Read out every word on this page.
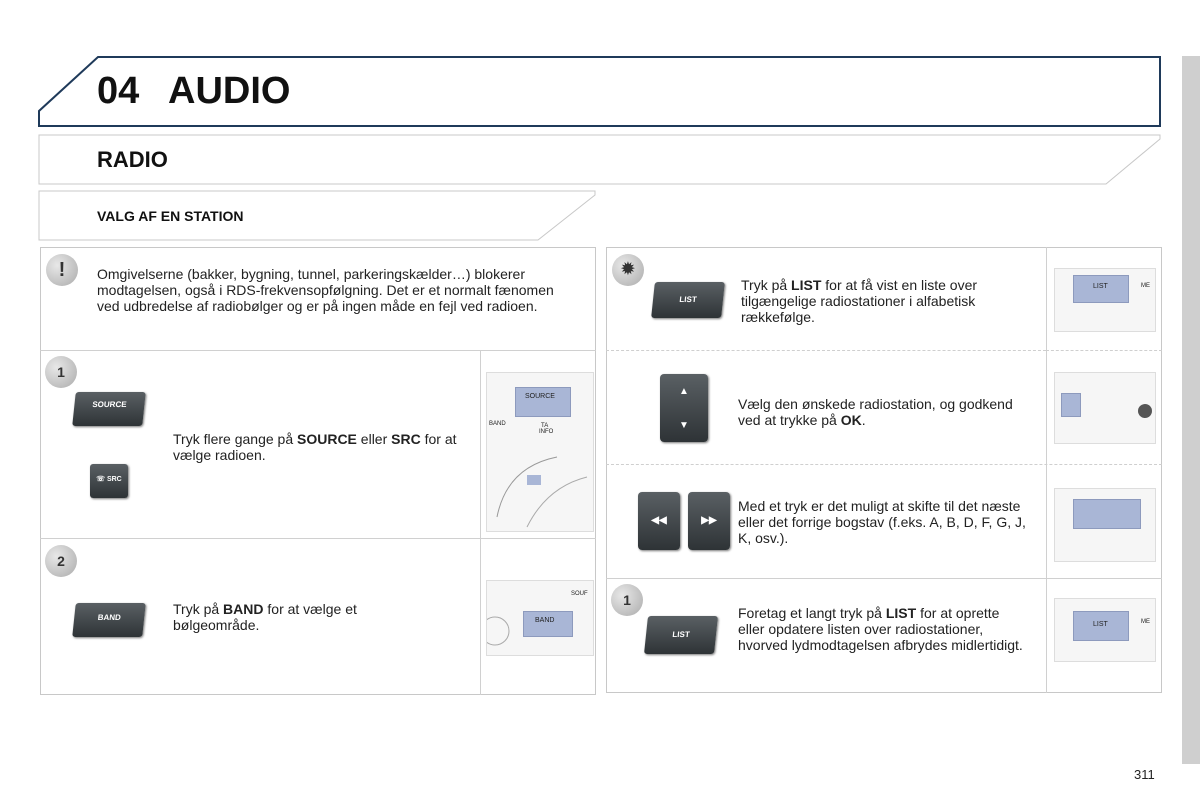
04 AUDIO
RADIO
VALG AF EN STATION
!	Omgivelserne (bakker, bygning, tunnel, parkeringskælder…) blokerer modtagelsen, også i RDS-frekvensopfølgning. Det er et normalt fænomen ved udbredelse af radiobølger og er på ingen måde en fejl ved radioen.
1
SOURCE
☏ SRC
Tryk flere gange på SOURCE eller SRC for at vælge radioen.
SOURCE
BAND	TA
INFO
2
BAND
Tryk på BAND for at vælge et bølgeområde.	BAND
SOUF
✹
LIST
Tryk på LIST for at få vist en liste over tilgængelige radiostationer i alfabetisk rækkefølge.
LIST	ME
▲
▼
Vælg den ønskede radiostation, og godkend ved at trykke på OK.
◀◀	▶▶
Med et tryk er det muligt at skifte til det næste eller det forrige bogstav (f.eks. A, B, D, F, G, J, K, osv.).
1
LIST
Foretag et langt tryk på LIST for at oprette eller opdatere listen over radiostationer, hvorved lydmodtagelsen afbrydes midlertidigt.
LIST	ME
311
